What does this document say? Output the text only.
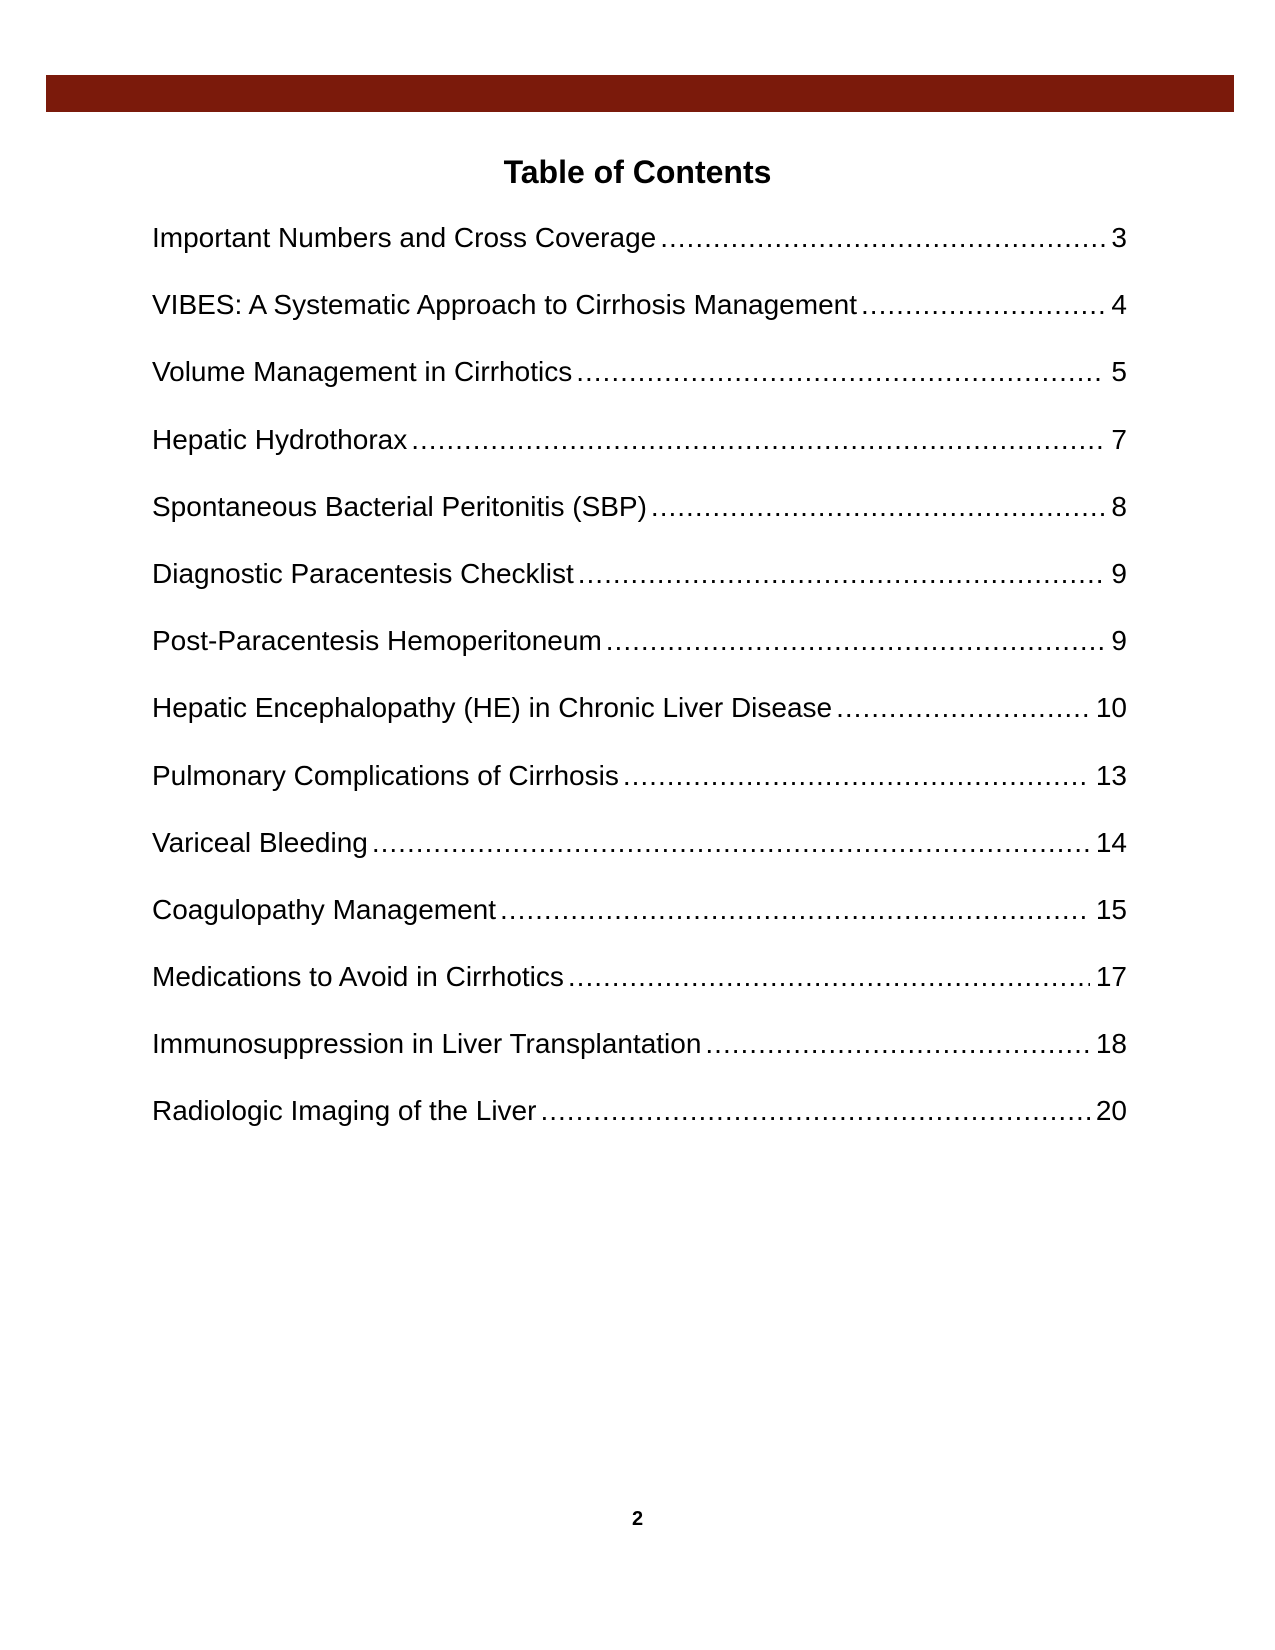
Table of Contents
Important Numbers and Cross Coverage .....	3
VIBES: A Systematic Approach to Cirrhosis Management .....	4
Volume Management in Cirrhotics .....	5
Hepatic Hydrothorax .....	7
Spontaneous Bacterial Peritonitis (SBP) .....	8
Diagnostic Paracentesis Checklist .....	9
Post-Paracentesis Hemoperitoneum .....	9
Hepatic Encephalopathy (HE) in Chronic Liver Disease .....	10
Pulmonary Complications of Cirrhosis .....	13
Variceal Bleeding .....	14
Coagulopathy Management .....	15
Medications to Avoid in Cirrhotics .....	17
Immunosuppression in Liver Transplantation .....	18
Radiologic Imaging of the Liver .....	20
2
